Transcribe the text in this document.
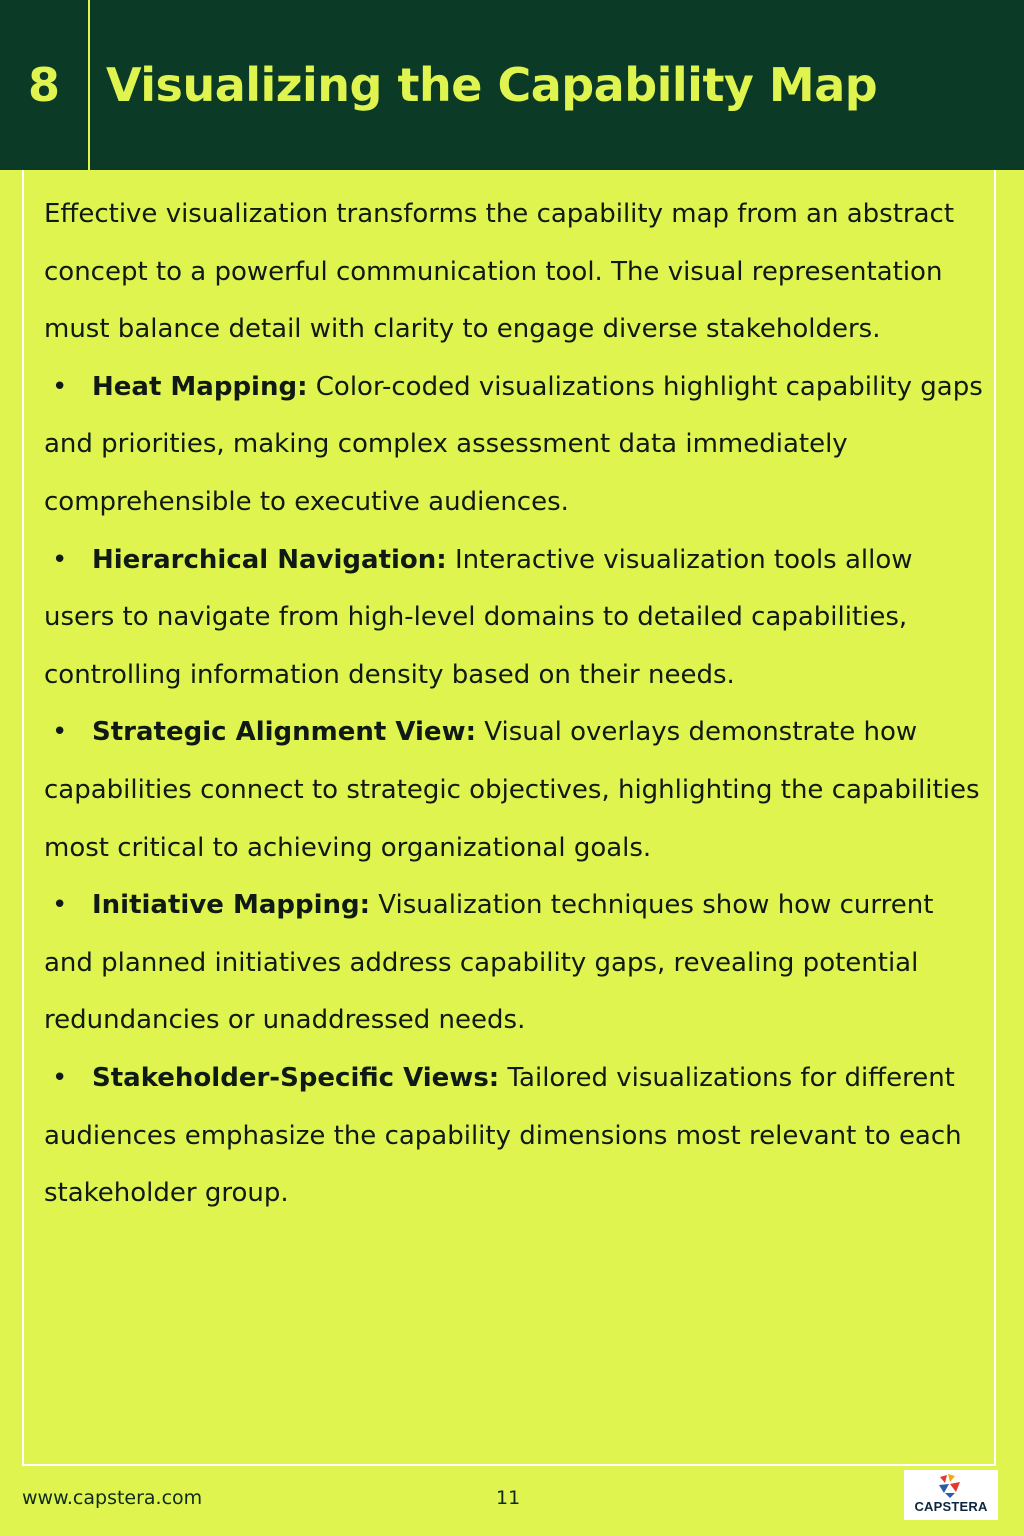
8 Visualizing the Capability Map

Effective visualization transforms the capability map from an abstract concept to a powerful communication tool. The visual representation must balance detail with clarity to engage diverse stakeholders.

• Heat Mapping: Color-coded visualizations highlight capability gaps and priorities, making complex assessment data immediately comprehensible to executive audiences.

• Hierarchical Navigation: Interactive visualization tools allow users to navigate from high-level domains to detailed capabilities, controlling information density based on their needs.

• Strategic Alignment View: Visual overlays demonstrate how capabilities connect to strategic objectives, highlighting the capabilities most critical to achieving organizational goals.

• Initiative Mapping: Visualization techniques show how current and planned initiatives address capability gaps, revealing potential redundancies or unaddressed needs.

• Stakeholder-Specific Views: Tailored visualizations for different audiences emphasize the capability dimensions most relevant to each stakeholder group.

www.capstera.com	11	CAPSTERA
